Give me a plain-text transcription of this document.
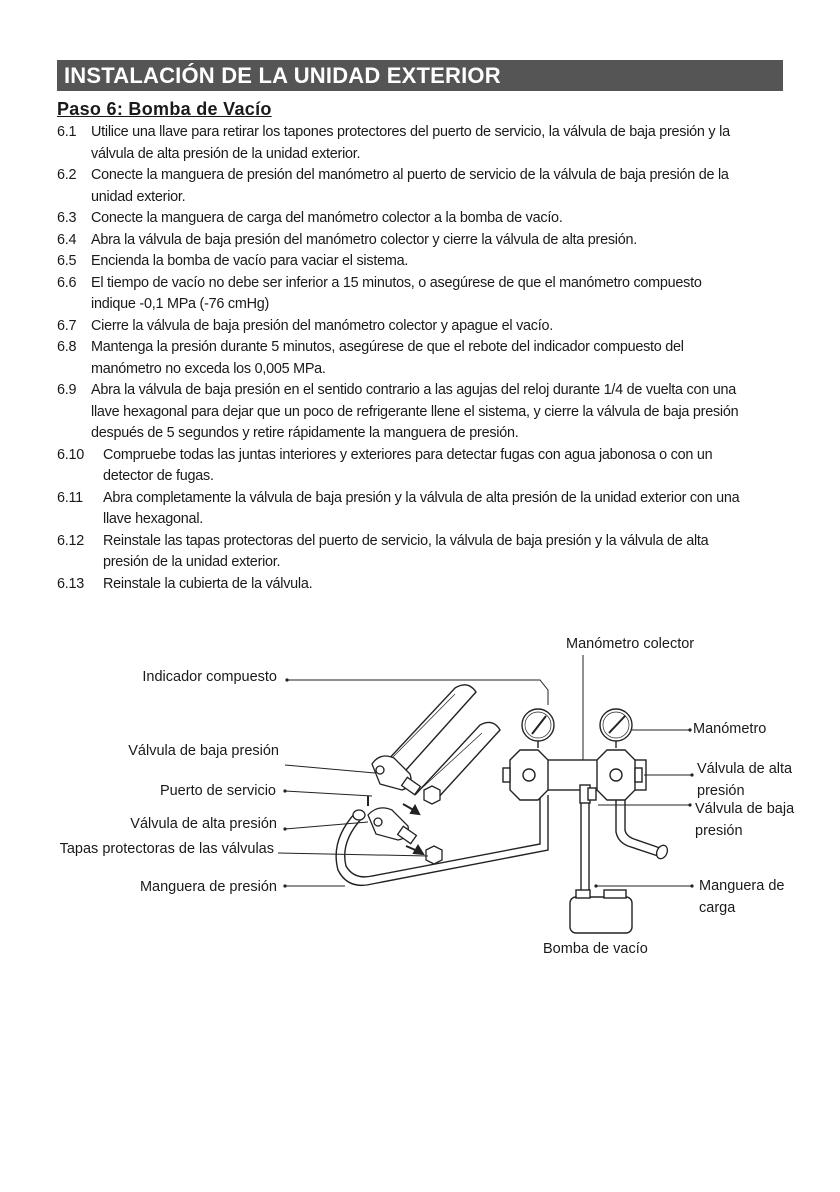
INSTALACIÓN DE LA UNIDAD EXTERIOR
Paso 6: Bomba de Vacío
6.1	Utilice una llave para retirar los tapones protectores del puerto de servicio, la válvula de baja presión y la
válvula de alta presión de la unidad exterior.
6.2	Conecte la manguera de presión del manómetro al puerto de servicio de la válvula de baja presión de la
unidad exterior.
6.3	Conecte la manguera de carga del manómetro colector a la bomba de vacío.
6.4	Abra la válvula de baja presión del manómetro colector y cierre la válvula de alta presión.
6.5	Encienda la bomba de vacío para vaciar el sistema.
6.6	El tiempo de vacío no debe ser inferior a 15 minutos, o asegúrese de que el manómetro compuesto
indique -0,1 MPa (-76 cmHg)
6.7	Cierre la válvula de baja presión del manómetro colector y apague el vacío.
6.8	Mantenga la presión durante 5 minutos, asegúrese de que el rebote del indicador compuesto del
manómetro no exceda los 0,005 MPa.
6.9	Abra la válvula de baja presión en el sentido contrario a las agujas del reloj durante 1/4 de vuelta con una
llave hexagonal para dejar que un poco de refrigerante llene el sistema, y cierre la válvula de baja presión
después de 5 segundos y retire rápidamente la manguera de presión.
6.10	Compruebe todas las juntas interiores y exteriores para detectar fugas con agua jabonosa o con un
detector de fugas.
6.11	Abra completamente la válvula de baja presión y la válvula de alta presión de la unidad exterior con una
llave hexagonal.
6.12	Reinstale las tapas protectoras del puerto de servicio, la válvula de baja presión y la válvula de alta
presión de la unidad exterior.
6.13	Reinstale la cubierta de la válvula.
Manómetro colector
Indicador compuesto
Manómetro
Válvula de baja presión
Puerto de servicio
Válvula de alta presión
Tapas protectoras de las válvulas
Manguera de presión
Válvula de alta
presión
Válvula de baja
presión
Manguera de
carga
Bomba de vacío
